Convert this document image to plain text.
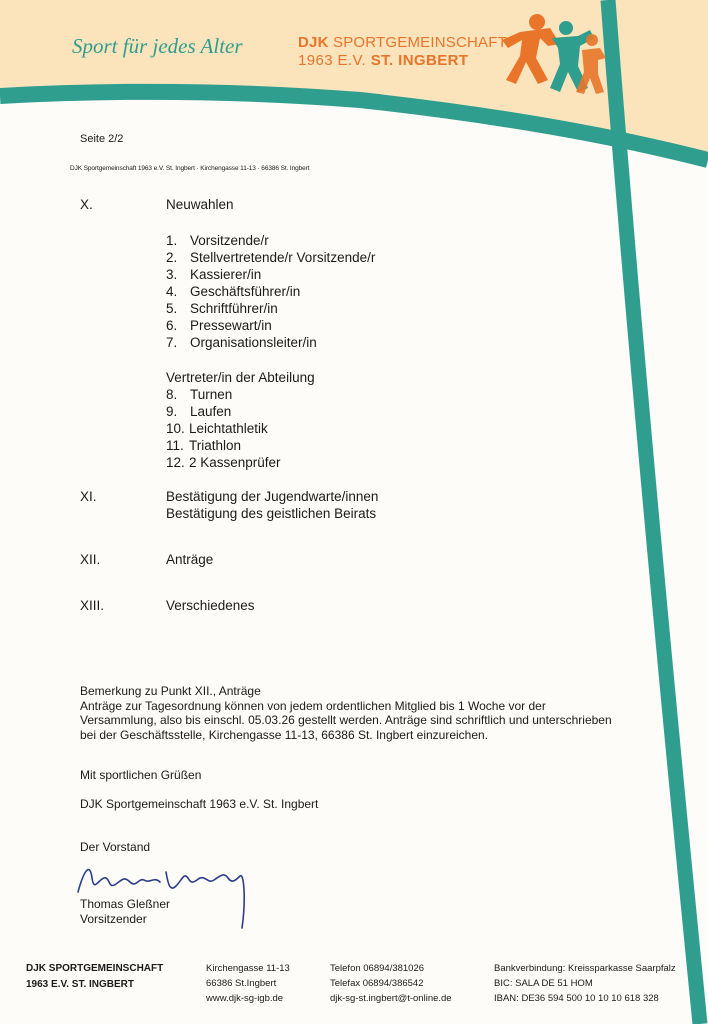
Sport für jedes Alter	DJK SPORTGEMEINSCHAFT
1963 E.V. ST. INGBERT
Seite 2/2
DJK Sportgemeinschaft 1963 e.V. St. Ingbert · Kirchengasse 11-13 · 66386 St. Ingbert
X.	Neuwahlen
1. Vorsitzende/r
2. Stellvertretende/r Vorsitzende/r
3. Kassierer/in
4. Geschäftsführer/in
5. Schriftführer/in
6. Pressewart/in
7. Organisationsleiter/in
Vertreter/in der Abteilung
8. Turnen
9. Laufen
10. Leichtathletik
11. Triathlon
12. 2 Kassenprüfer
XI.	Bestätigung der Jugendwarte/innen
Bestätigung des geistlichen Beirats
XII.	Anträge
XIII.	Verschiedenes
Bemerkung zu Punkt XII., Anträge
Anträge zur Tagesordnung können von jedem ordentlichen Mitglied bis 1 Woche vor der
Versammlung, also bis einschl. 05.03.26 gestellt werden. Anträge sind schriftlich und unterschrieben
bei der Geschäftsstelle, Kirchengasse 11-13, 66386 St. Ingbert einzureichen.
Mit sportlichen Grüßen
DJK Sportgemeinschaft 1963 e.V. St. Ingbert
Der Vorstand
Thomas Gleßner
Vorsitzender
DJK SPORTGEMEINSCHAFT
1963 E.V. ST. INGBERT
Kirchengasse 11-13
66386 St.Ingbert
www.djk-sg-igb.de
Telefon 06894/381026
Telefax 06894/386542
djk-sg-st.ingbert@t-online.de
Bankverbindung: Kreissparkasse Saarpfalz
BIC: SALA DE 51 HOM
IBAN: DE36 594 500 10 10 10 618 328
